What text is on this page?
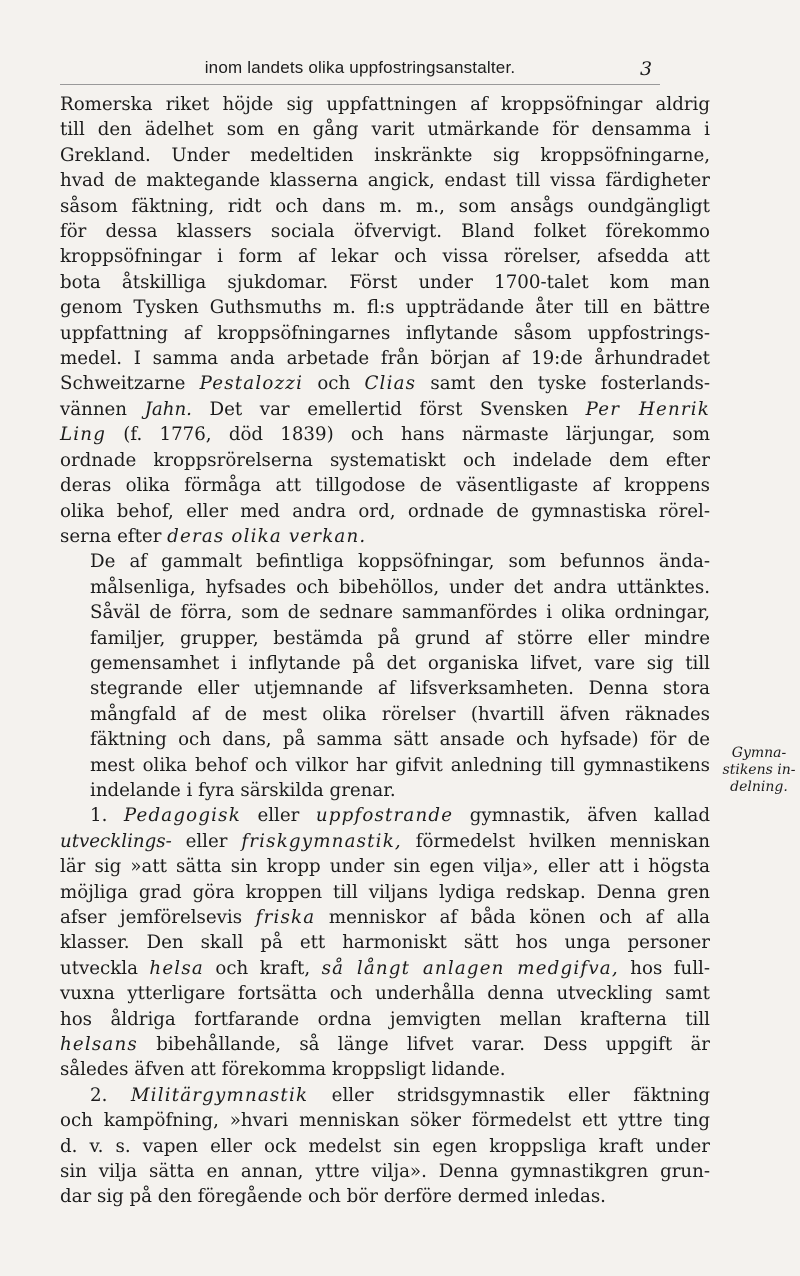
inom landets olika uppfostringsanstalter.	3

Romerska riket höjde sig uppfattningen af kroppsöfningar aldrig
till den ädelhet som en gång varit utmärkande för densamma i
Grekland. Under medeltiden inskränkte sig kroppsöfningarne,
hvad de maktegande klasserna angick, endast till vissa färdigheter
såsom fäktning, ridt och dans m. m., som ansågs oundgängligt
för dessa klassers sociala öfvervigt. Bland folket förekommo
kroppsöfningar i form af lekar och vissa rörelser, afsedda att
bota åtskilliga sjukdomar. Först under 1700-talet kom man
genom Tysken Guthsmuths m. fl:s uppträdande åter till en bättre
uppfattning af kroppsöfningarnes inflytande såsom uppfostrings-
medel. I samma anda arbetade från början af 19:de århundradet
Schweitzarne Pestalozzi och Clias samt den tyske fosterlands-
vännen Jahn. Det var emellertid först Svensken Per Henrik
Ling (f. 1776, död 1839) och hans närmaste lärjungar, som
ordnade kroppsrörelserna systematiskt och indelade dem efter
deras olika förmåga att tillgodose de väsentligaste af kroppens
olika behof, eller med andra ord, ordnade de gymnastiska rörel-
serna efter deras olika verkan.

De af gammalt befintliga koppsöfningar, som befunnos ända-
målsenliga, hyfsades och bibehöllos, under det andra uttänktes.
Såväl de förra, som de sednare sammanfördes i olika ordningar,
familjer, grupper, bestämda på grund af större eller mindre
gemensamhet i inflytande på det organiska lifvet, vare sig till
stegrande eller utjemnande af lifsverksamheten. Denna stora
mångfald af de mest olika rörelser (hvartill äfven räknades
fäktning och dans, på samma sätt ansade och hyfsade) för de
mest olika behof och vilkor har gifvit anledning till gymnastikens
indelande i fyra särskilda grenar.

1. Pedagogisk eller uppfostrande gymnastik, äfven kallad
utvecklings- eller friskgymnastik, förmedelst hvilken menniskan
lär sig »att sätta sin kropp under sin egen vilja», eller att i högsta
möjliga grad göra kroppen till viljans lydiga redskap. Denna gren
afser jemförelsevis friska menniskor af båda könen och af alla
klasser. Den skall på ett harmoniskt sätt hos unga personer
utveckla helsa och kraft, så långt anlagen medgifva, hos full-
vuxna ytterligare fortsätta och underhålla denna utveckling samt
hos åldriga fortfarande ordna jemvigten mellan krafterna till
helsans bibehållande, så länge lifvet varar. Dess uppgift är
således äfven att förekomma kroppsligt lidande.

2. Militärgymnastik eller stridsgymnastik eller fäktning
och kampöfning, »hvari menniskan söker förmedelst ett yttre ting
d. v. s. vapen eller ock medelst sin egen kroppsliga kraft under
sin vilja sätta en annan, yttre vilja». Denna gymnastikgren grun-
dar sig på den föregående och bör derföre dermed inledas.

Gymna-
stikens in-
delning.
